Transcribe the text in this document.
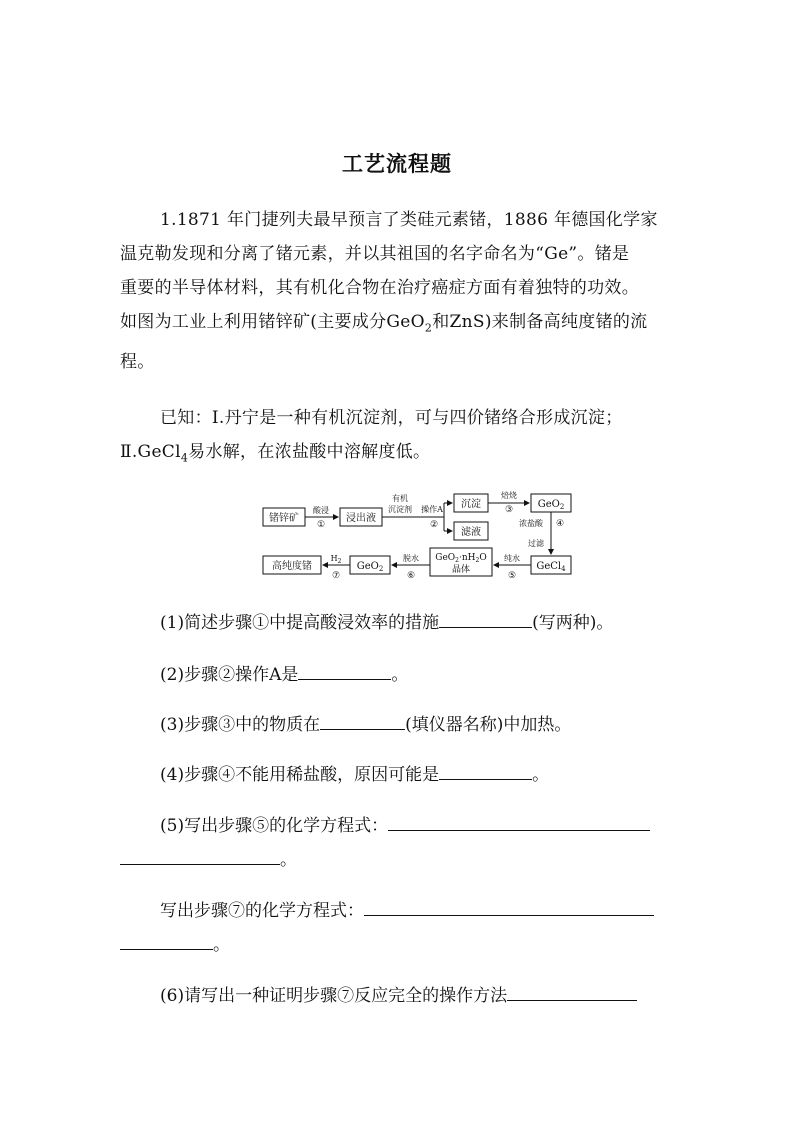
工艺流程题
1.1871 年门捷列夫最早预言了类硅元素锗，1886 年德国化学家
温克勒发现和分离了锗元素，并以其祖国的名字命名为“Ge”。锗是
重要的半导体材料，其有机化合物在治疗癌症方面有着独特的功效。
如图为工业上利用锗锌矿(主要成分GeO$_2$和ZnS)来制备高纯度锗的流
程。
已知：Ⅰ.丹宁是一种有机沉淀剂，可与四价锗络合形成沉淀；
Ⅱ.GeCl$_4$易水解，在浓盐酸中溶解度低。
锗锌矿
酸浸
①
浸出液
有机
沉淀剂 操作A
②
沉淀
滤液
焙烧
③ GeO$_2$
浓盐酸 ④
过滤
GeCl$_4$
纯水
⑤
$GeO_2\cdot nH_2O$
晶体
脱水
⑥
GeO$_2$
$H_2$
⑦
高纯度锗
(1)简述步骤①中提高酸浸效率的措施	(写两种)。
(2)步骤②操作A是	。
(3)步骤③中的物质在	(填仪器名称)中加热。
(4)步骤④不能用稀盐酸，原因可能是	。
(5)写出步骤⑤的化学方程式：
。
写出步骤⑦的化学方程式：
。
(6)请写出一种证明步骤⑦反应完全的操作方法
